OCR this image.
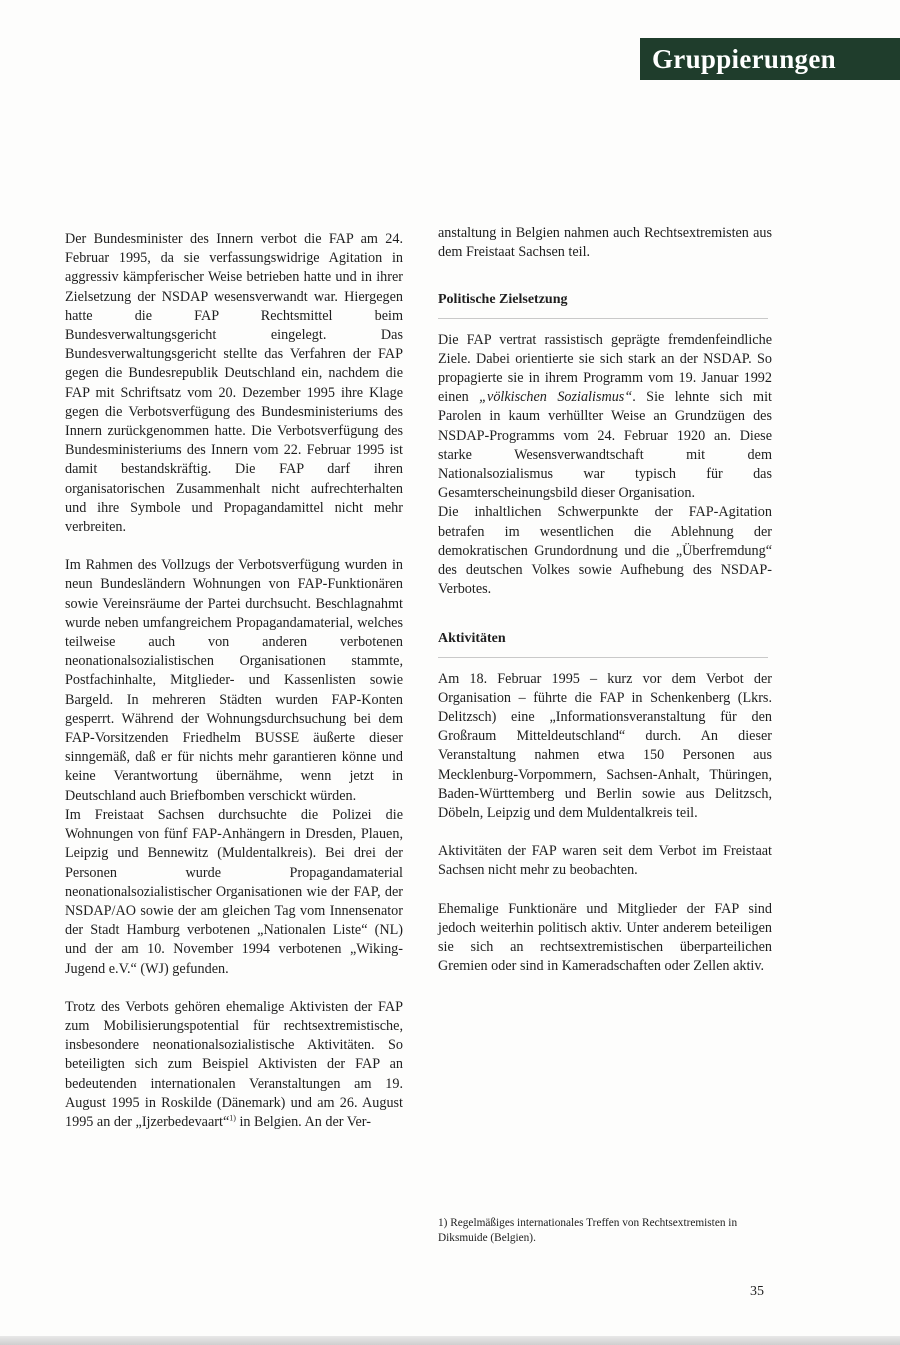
Gruppierungen

Der Bundesminister des Innern verbot die FAP am 24. Februar 1995, da sie verfassungswidrige Agitation in aggressiv kämpferischer Weise betrieben hatte und in ihrer Zielsetzung der NSDAP wesensverwandt war. Hiergegen hatte die FAP Rechtsmittel beim Bundesverwaltungsgericht eingelegt. Das Bundesverwaltungsgericht stellte das Verfahren der FAP gegen die Bundesrepublik Deutschland ein, nachdem die FAP mit Schriftsatz vom 20. Dezember 1995 ihre Klage gegen die Verbotsverfügung des Bundesministeriums des Innern zurückgenommen hatte. Die Verbotsverfügung des Bundesministeriums des Innern vom 22. Februar 1995 ist damit bestandskräftig. Die FAP darf ihren organisatorischen Zusammenhalt nicht aufrechterhalten und ihre Symbole und Propagandamittel nicht mehr verbreiten.

Im Rahmen des Vollzugs der Verbotsverfügung wurden in neun Bundesländern Wohnungen von FAP-Funktionären sowie Vereinsräume der Partei durchsucht. Beschlagnahmt wurde neben umfangreichem Propagandamaterial, welches teilweise auch von anderen verbotenen neonationalsozialistischen Organisationen stammte, Postfachinhalte, Mitglieder- und Kassenlisten sowie Bargeld. In mehreren Städten wurden FAP-Konten gesperrt. Während der Wohnungsdurchsuchung bei dem FAP-Vorsitzenden Friedhelm BUSSE äußerte dieser sinngemäß, daß er für nichts mehr garantieren könne und keine Verantwortung übernähme, wenn jetzt in Deutschland auch Briefbomben verschickt würden.

Im Freistaat Sachsen durchsuchte die Polizei die Wohnungen von fünf FAP-Anhängern in Dresden, Plauen, Leipzig und Bennewitz (Muldentalkreis). Bei drei der Personen wurde Propagandamaterial neonationalsozialistischer Organisationen wie der FAP, der NSDAP/AO sowie der am gleichen Tag vom Innensenator der Stadt Hamburg verbotenen „Nationalen Liste“ (NL) und der am 10. November 1994 verbotenen „Wiking-Jugend e.V.“ (WJ) gefunden.

Trotz des Verbots gehören ehemalige Aktivisten der FAP zum Mobilisierungspotential für rechtsextremistische, insbesondere neonationalsozialistische Aktivitäten. So beteiligten sich zum Beispiel Aktivisten der FAP an bedeutenden internationalen Veranstaltungen am 19. August 1995 in Roskilde (Dänemark) und am 26. August 1995 an der „Ijzerbedevaart“$^{1)}$ in Belgien. An der Ver-

anstaltung in Belgien nahmen auch Rechtsextremisten aus dem Freistaat Sachsen teil.

Politische Zielsetzung

Die FAP vertrat rassistisch geprägte fremdenfeindliche Ziele. Dabei orientierte sie sich stark an der NSDAP. So propagierte sie in ihrem Programm vom 19. Januar 1992 einen „völkischen Sozialismus“. Sie lehnte sich mit Parolen in kaum verhüllter Weise an Grundzügen des NSDAP-Programms vom 24. Februar 1920 an. Diese starke Wesensverwandtschaft mit dem Nationalsozialismus war typisch für das Gesamterscheinungsbild dieser Organisation.

Die inhaltlichen Schwerpunkte der FAP-Agitation betrafen im wesentlichen die Ablehnung der demokratischen Grundordnung und die „Überfremdung“ des deutschen Volkes sowie Aufhebung des NSDAP-Verbotes.

Aktivitäten

Am 18. Februar 1995 – kurz vor dem Verbot der Organisation – führte die FAP in Schenkenberg (Lkrs. Delitzsch) eine „Informationsveranstaltung für den Großraum Mitteldeutschland“ durch. An dieser Veranstaltung nahmen etwa 150 Personen aus Mecklenburg-Vorpommern, Sachsen-Anhalt, Thüringen, Baden-Württemberg und Berlin sowie aus Delitzsch, Döbeln, Leipzig und dem Muldentalkreis teil.

Aktivitäten der FAP waren seit dem Verbot im Freistaat Sachsen nicht mehr zu beobachten.

Ehemalige Funktionäre und Mitglieder der FAP sind jedoch weiterhin politisch aktiv. Unter anderem beteiligen sie sich an rechtsextremistischen überparteilichen Gremien oder sind in Kameradschaften oder Zellen aktiv.

1) Regelmäßiges internationales Treffen von Rechtsextremisten in Diksmuide (Belgien).
35
